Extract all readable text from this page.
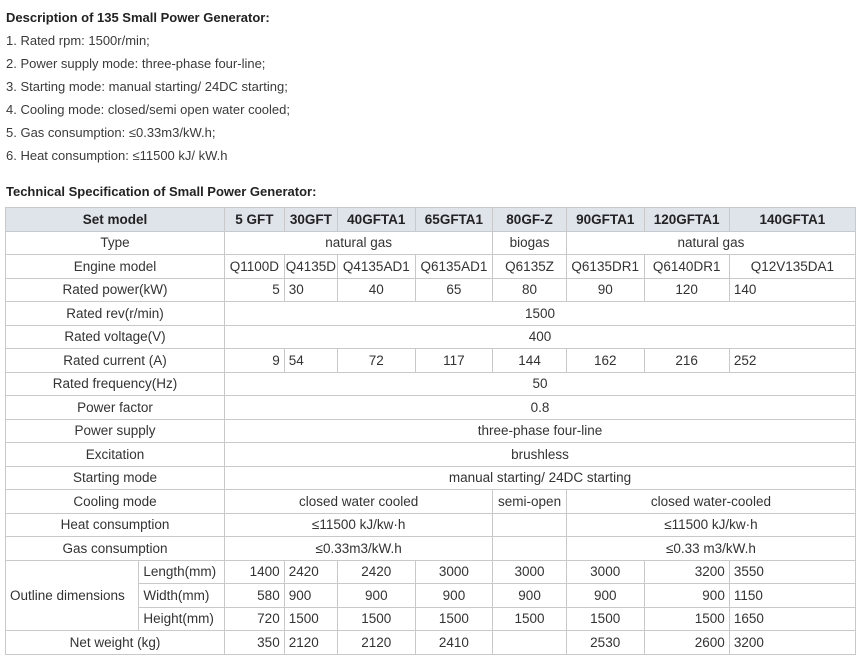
Description of 135 Small Power Generator:
1. Rated rpm: 1500r/min;
2. Power supply mode: three-phase four-line;
3. Starting mode: manual starting/ 24DC starting;
4. Cooling mode: closed/semi open water cooled;
5. Gas consumption: ≤0.33m3/kW.h;
6. Heat consumption: ≤11500 kJ/ kW.h
Technical Specification of Small Power Generator:
Set model		5 GFT	30GFT	40GFTA1	65GFTA1	80GF-Z	90GFTA1	120GFTA1	140GFTA1
Type		natural gas				biogas	natural gas		
Engine model		Q1100D	Q4135D	Q4135AD1	Q6135AD1	Q6135Z	Q6135DR1	Q6140DR1	Q12V135DA1
Rated power(kW)		5	30	40	65	80	90	120	140
Rated rev(r/min)		1500							
Rated voltage(V)		400							
Rated current (A)		9	54	72	117	144	162	216	252
Rated frequency(Hz)		50							
Power factor		0.8							
Power supply		three-phase four-line							
Excitation		brushless							
Starting mode		manual starting/ 24DC starting							
Cooling mode		closed water cooled				semi-open	closed water-cooled		
Heat consumption		≤11500 kJ/kw·h					≤11500 kJ/kw·h		
Gas consumption		≤0.33m3/kW.h					≤0.33 m3/kW.h		
Outline dimensions	Length(mm)	1400	2420	2420	3000	3000	3000	3200	3550
	Width(mm)	580	900	900	900	900	900	900	1150
	Height(mm)	720	1500	1500	1500	1500	1500	1500	1650
Net weight (kg)		350	2120	2120	2410		2530	2600	3200
